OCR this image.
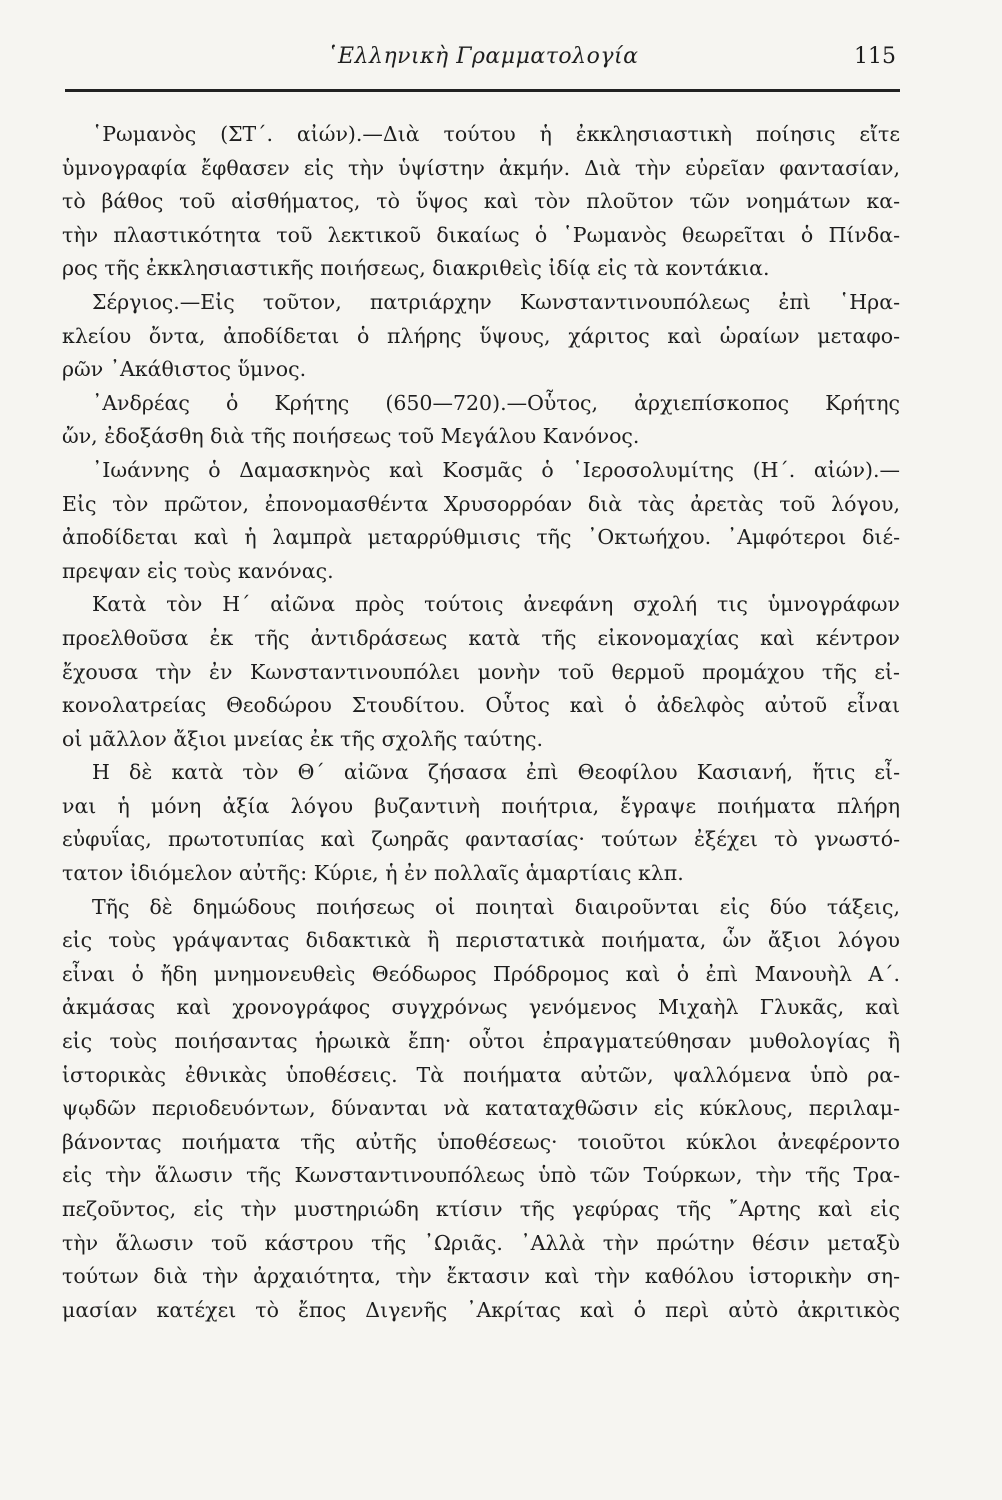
῾Ελληνικὴ Γραμματολογία	115

῾Ρωμανὸς (ΣΤ΄. αἰών).—Διὰ τούτου ἡ ἐκκλησιαστικὴ ποίησις εἴτε
ὑμνογραφία ἔφθασεν εἰς τὴν ὑψίστην ἀκμήν. Διὰ τὴν εὐρεῖαν φαντασίαν,
τὸ βάθος τοῦ αἰσθήματος, τὸ ὕψος καὶ τὸν πλοῦτον τῶν νοημάτων κα-
τὴν πλαστικότητα τοῦ λεκτικοῦ δικαίως ὁ ῾Ρωμανὸς θεωρεῖται ὁ Πίνδα-
ρος τῆς ἐκκλησιαστικῆς ποιήσεως, διακριθεὶς ἰδίᾳ εἰς τὰ κοντάκια.

Σέργιος.—Εἰς τοῦτον, πατριάρχην Κωνσταντινουπόλεως ἐπὶ ῾Ηρα-
κλείου ὄντα, ἀποδίδεται ὁ πλήρης ὕψους, χάριτος καὶ ὡραίων μεταφο-
ρῶν ᾿Ακάθιστος ὕμνος.

᾿Ανδρέας ὁ Κρήτης (650—720).—Οὗτος, ἀρχιεπίσκοπος Κρήτης
ὤν, ἐδοξάσθη διὰ τῆς ποιήσεως τοῦ Μεγάλου Κανόνος.

᾿Ιωάννης ὁ Δαμασκηνὸς καὶ Κοσμᾶς ὁ ῾Ιεροσολυμίτης (Η΄. αἰών).—
Εἰς τὸν πρῶτον, ἐπονομασθέντα Χρυσορρόαν διὰ τὰς ἀρετὰς τοῦ λόγου,
ἀποδίδεται καὶ ἡ λαμπρὰ μεταρρύθμισις τῆς ᾿Οκτωήχου. ᾿Αμφότεροι διέ-
πρεψαν εἰς τοὺς κανόνας.

Κατὰ τὸν Η΄ αἰῶνα πρὸς τούτοις ἀνεφάνη σχολή τις ὑμνογράφων
προελθοῦσα ἐκ τῆς ἀντιδράσεως κατὰ τῆς εἰκονομαχίας καὶ κέντρον
ἔχουσα τὴν ἐν Κωνσταντινουπόλει μονὴν τοῦ θερμοῦ προμάχου τῆς εἰ-
κονολατρείας Θεοδώρου Στουδίτου. Οὗτος καὶ ὁ ἀδελφὸς αὐτοῦ εἶναι
οἱ μᾶλλον ἄξιοι μνείας ἐκ τῆς σχολῆς ταύτης.

Η δὲ κατὰ τὸν Θ΄ αἰῶνα ζήσασα ἐπὶ Θεοφίλου Κασιανή, ἥτις εἶ-
ναι ἡ μόνη ἀξία λόγου βυζαντινὴ ποιήτρια, ἔγραψε ποιήματα πλήρη
εὐφυΐας, πρωτοτυπίας καὶ ζωηρᾶς φαντασίας· τούτων ἐξέχει τὸ γνωστό-
τατον ἰδιόμελον αὐτῆς: Κύριε, ἡ ἐν πολλαῖς ἁμαρτίαις κλπ.

Τῆς δὲ δημώδους ποιήσεως οἱ ποιηταὶ διαιροῦνται εἰς δύο τάξεις,
εἰς τοὺς γράψαντας διδακτικὰ ἢ περιστατικὰ ποιήματα, ὧν ἄξιοι λόγου
εἶναι ὁ ἤδη μνημονευθεὶς Θεόδωρος Πρόδρομος καὶ ὁ ἐπὶ Μανουὴλ Α΄.
ἀκμάσας καὶ χρονογράφος συγχρόνως γενόμενος Μιχαὴλ Γλυκᾶς, καὶ
εἰς τοὺς ποιήσαντας ἡρωικὰ ἔπη· οὗτοι ἐπραγματεύθησαν μυθολογίας ἢ
ἱστορικὰς ἐθνικὰς ὑποθέσεις. Τὰ ποιήματα αὐτῶν, ψαλλόμενα ὑπὸ ρα-
ψῳδῶν περιοδευόντων, δύνανται νὰ καταταχθῶσιν εἰς κύκλους, περιλαμ-
βάνοντας ποιήματα τῆς αὐτῆς ὑποθέσεως· τοιοῦτοι κύκλοι ἀνεφέροντο
εἰς τὴν ἅλωσιν τῆς Κωνσταντινουπόλεως ὑπὸ τῶν Τούρκων, τὴν τῆς Τρα-
πεζοῦντος, εἰς τὴν μυστηριώδη κτίσιν τῆς γεφύρας τῆς ῎Αρτης καὶ εἰς
τὴν ἅλωσιν τοῦ κάστρου τῆς ᾿Ωριᾶς. ᾿Αλλὰ τὴν πρώτην θέσιν μεταξὺ
τούτων διὰ τὴν ἀρχαιότητα, τὴν ἔκτασιν καὶ τὴν καθόλου ἱστορικὴν ση-
μασίαν κατέχει τὸ ἔπος Διγενῆς ᾿Ακρίτας καὶ ὁ περὶ αὐτὸ ἀκριτικὸς
